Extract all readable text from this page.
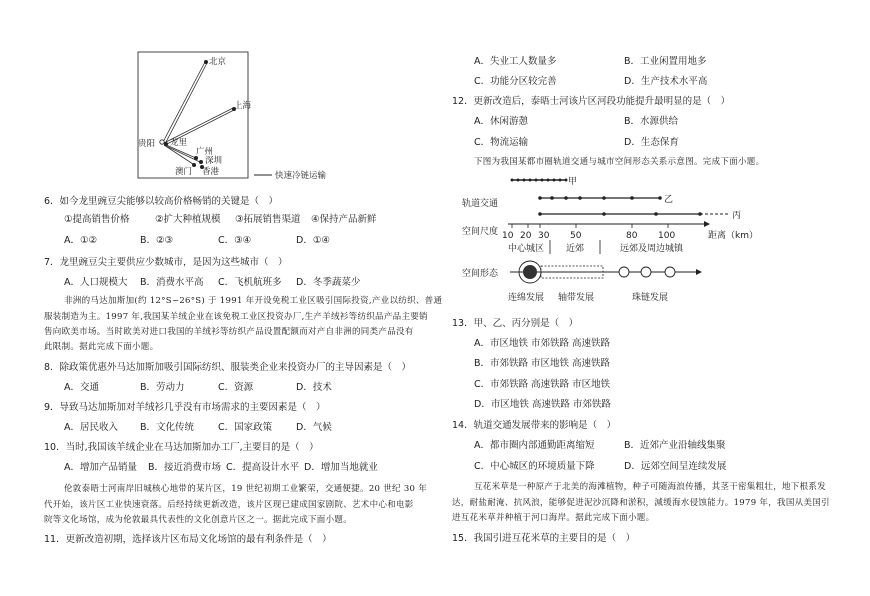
北京
上海
贵阳 龙里
广州
深圳
澳门 香港	快速冷链运输
6．如今龙里豌豆尖能够以较高价格畅销的关键是（　）
①提高销售价格	②扩大种植规模 ③拓展销售渠道 ④保持产品新鲜
A．①②	B．②③	C．③④	D．①④
7．龙里豌豆尖主要供应少数城市，是因为这些城市（　）
A．人口规模大 B．消费水平高 C．飞机航班多 D．冬季蔬菜少
非洲的马达加斯加(约 12°S~26°S) 于 1991 年开设免税工业区吸引国际投资,产业以纺织、普通
服装制造为主。1997 年,我国某羊绒企业在该免税工业区投资办厂,生产羊绒衫等纺织品产品主要销
售向欧美市场。当时欧美对进口我国的羊绒衫等纺织产品设置配额而对产自非洲的同类产品没有
此限制。据此完成下面小题。
8．除政策优惠外马达加斯加吸引国际纺织、服装类企业来投资办厂的主导因素是（　）
A．交通	B．劳动力	C．资源	D．技术
9．导致马达加斯加对羊绒衫几乎没有市场需求的主要因素是（　）
A．居民收入 B．文化传统	C．国家政策	D．气候
10．当时,我国该羊绒企业在马达加斯加办工厂,主要目的是（　）
A．增加产品销量 B．接近消费市场 C．提高设计水平 D．增加当地就业
伦敦泰晤士河南岸旧城核心地带的某片区，19 世纪初期工业繁荣，交通便捷。20 世纪 30 年
代开始，该片区工业快速衰落。后经持续更新改造，该片区现已建成国家剧院、艺术中心和电影
院等文化场馆，成为伦敦最具代表性的文化创意片区之一。据此完成下面小题。
11．更新改造初期，选择该片区布局文化场馆的最有利条件是（　）
A．失业工人数量多	B．工业闲置用地多
C．功能分区较完善	D．生产技术水平高
12．更新改造后，泰晤士河该片区河段功能提升最明显的是（　）
A．休闲游憩	B．水源供给
C．物流运输	D．生态保育
下图为我国某都市圈轨道交通与城市空间形态关系示意图。完成下面小题。
轨道交通
空间尺度
空间形态
甲
乙
丙
10 20 30 50	80 100	距离（km）
中心城区 近郊	远郊及周边城镇
连绵发展 轴带发展	珠链发展
13．甲、乙、丙分别是（　）
A．市区地铁 市郊铁路 高速铁路
B．市郊铁路 市区地铁 高速铁路
C．市郊铁路 高速铁路 市区地铁
D．市区地铁 高速铁路 市郊铁路
14．轨道交通发展带来的影响是（　）
A．都市圈内部通勤距离缩短	B．近郊产业沿轴线集聚
C．中心城区的环境质量下降	D．远郊空间呈连续发展
互花米草是一种原产于北美的海滩植物，种子可随海浪传播，其茎干密集粗壮，地下根系发
达，耐盐耐淹、抗风浪，能够促进泥沙沉降和淤积，減缓海水侵蚀能力。1979 年，我国从美国引
进互花米草并种植于河口海岸。据此完成下面小题。
15．我国引进互花米草的主要目的是（　）
